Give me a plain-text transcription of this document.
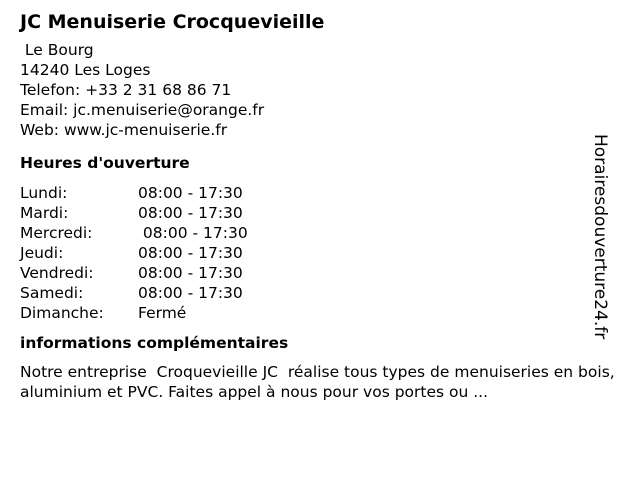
JC Menuiserie Crocquevieille
Le Bourg
14240 Les Loges
Telefon: +33 2 31 68 86 71
Email: jc.menuiserie@orange.fr
Web: www.jc-menuiserie.fr
Heures d'ouverture
Lundi:	08:00 - 17:30
Mardi:	08:00 - 17:30
Mercredi:	08:00 - 17:30
Jeudi:	08:00 - 17:30
Vendredi:	08:00 - 17:30
Samedi:	08:00 - 17:30
Dimanche: Fermé
informations complémentaires

Notre entreprise  Croquevieille JC  réalise tous types de menuiseries en bois, aluminium et PVC. Faites appel à nous pour vos portes ou ...

Horairesdouverture24.fr
